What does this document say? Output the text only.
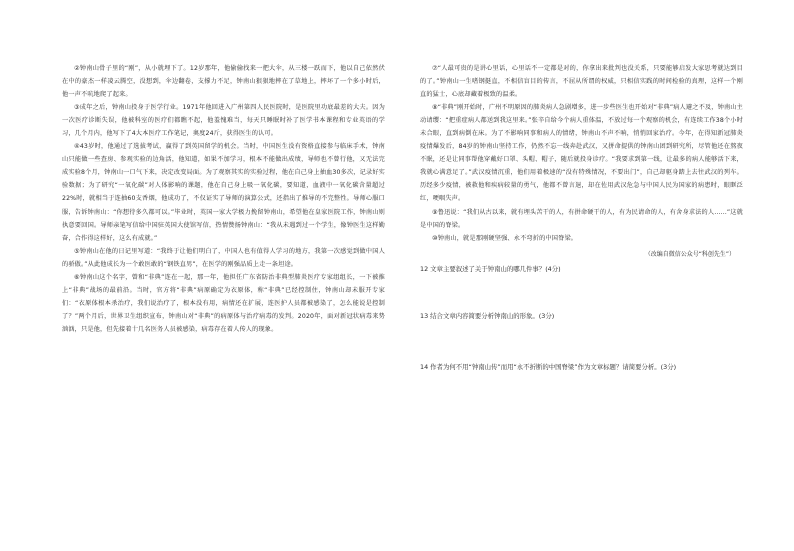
②钟南山骨子里的“刚”，从小就埋下了。12岁那年，他偷偷找来一把大伞，从三楼一跃而下，他以自己依然伏在中的豪杰一样凌云腾空，没想到，伞边翻卷，支撑力不足，钟南山狠狠地摔在了草地上，摔坏了一个多小时后，他一声不吭地爬了起来。

③成年之后，钟南山投身于医学行业。1971年他回进入广州第四人民医院时，是医院里功底最差的大夫。因为一次医疗诊断失误，他被科室的医疗们都瞧不起，他羞愧难当，每天只睡眠时补了医学书本课程和专业英语的学习，几个月内，他写下了4大本医疗工作笔记，奥度24斤，获得医生的认可。

④43岁时，他通过了选拔考试，赢得了到英国留学的机会。当时，中国医生没有资格直接参与临床手术，钟南山只能做一些查房、参观实验的边角活，他知道，如果不加学习，根本不能做出成绩，导师也不曾行他，又无法完成实验8个月，钟南山一口气下来，决定改变局面。为了观察其实的实验过程，他在自己身上抽血30多次，记录好实验数据；为了研究“一氧化碳”对人体影响的课题，他在自己身上吸一氧化碳，要知道，血液中一氧化碳含量超过22%时，就相当于连抽60支香烟，他成功了，不仅证实了导师的演算公式，还指出了推导的不完整性。导师心服口服，告诉钟南山：“你想待多久都可以。”毕业时，英国一家大学极力挽留钟南山，希望他在皇家医院工作，钟南山则执意要回国。导师亲笔写信给中国驻英国大使馆写信，热情赞扬钟南山：“我从未遇到过一个学生，像钟医生这样勤奋，合作得这样好，这么有成就。”

⑤钟南山在他的日记里写道：“我终于让他们明白了，中国人也有值得人学习的地方，我第一次感觉到做中国人的骄傲。”从此他成长为一个敢医敢的“钢铁直男”，在医学的刚强品质上走一条坦途。

⑥钟南山这个名字，曾和“非典”连在一起，那一年，他担任广东省防治非典型肺炎医疗专家组组长，一下被推上“非典”战场的最前沿。当时，官方将“非典”病原确定为衣原体，称“非典”已经控制住，钟南山却未服开专家们：“衣原体根本杀治疗，我们说治疗了，根本没有用，病情还在扩展，连医护人员都被感染了，怎么能说是控制了？”两个月后，世界卫生组织宣布，钟南山对“非典”的病原体与治疗病毒的发判。2020年，面对新冠状病毒来势汹汹，只是他，但先接着十几名医务人员被感染，病毒存在着人传人的现象。

⑦“人最可贵的是讲心里话，心里话不一定都是对的，你拿出来批判也没关系，只要能够启发大家思考就达到目的了。”钟南山一生嗜钢挺直，不相信盲目的传言，不屈从所谓的权威，只相信实践的时间检验的真理，这样一个刚直的猛士，心底却藏着极致的温柔。

⑧“非典”刚开始时，广州不明原因的肺炎病人急剧增多，进一步些医生也开始对“非典”病人避之不及，钟南山主动请缨：“把重症病人都送到我这里来。”张辛自给今个病人重体温，不放过每一个观察的机会，有连续工作38个小时未合眼，直到病倒在床。为了不影响同事和病人的情绪，钟南山不声不响，悄悄回家治疗。今年，在得知新冠肺炎疫情爆发后，84岁的钟南山坚持工作，仍然不忘一线奔赴武汉，又拼命提供的钟南山团到研究所，尽管他还在熬夜不眠，还是让同事帮他穿戴好口罩、头帽、帽子，随后就投身诊疗。“我要求到第一线，让最多的病人能够活下来，我就心满意足了。”武汉疫情沉重，他们用着极速的“没有特殊情况，不要出门”，自己却驱身踏上去往武汉的列车。历经多少疫情，被救他和疾病较量的勇气，他都不曾言退，却在佐用武汉危急与中国人民为国家的病患时，眼眶泛红，哽咽失声。

⑨鲁迅说：“我们从古以来，就有埋头苦干的人，有拼命硬干的人，有为民请命的人，有舍身求法的人……”这就是中国的脊梁。

⑩钟南山，就是那刚硬坚强、永不弯折的中国脊梁。

（改编自微信公众号“科创先生”）

12 文章主要叙述了关于钟南山的哪几件事？(4分)

13 结合文章内容简要分析钟南山的形象。(3分)

14 作者为何不用“钟南山传”而用“永不折断的中国脊梁”作为文章标题？请简要分析。(3分)
